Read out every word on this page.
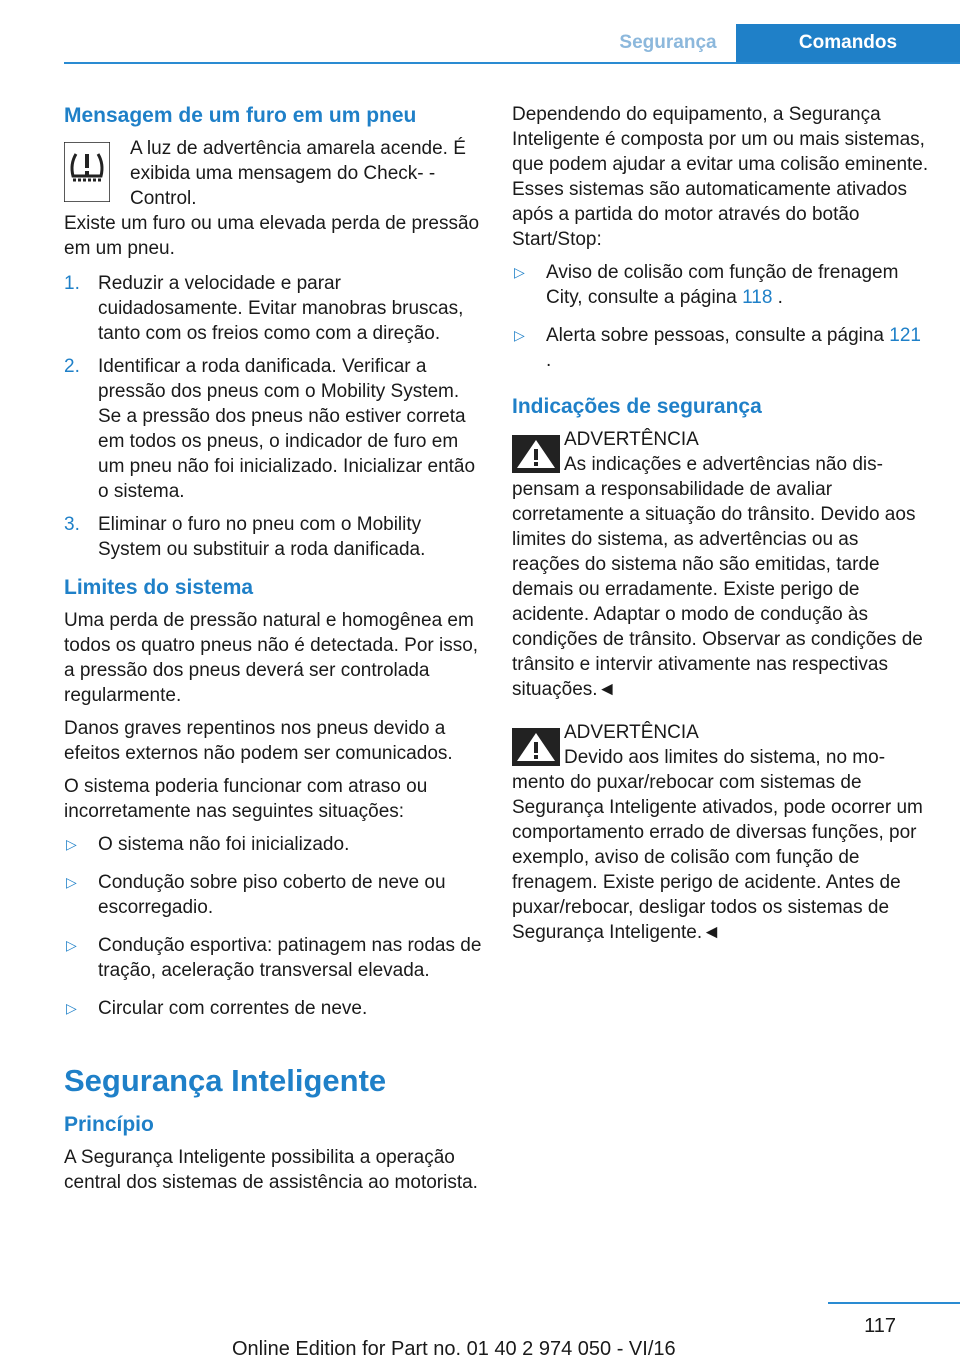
Segurança	Comandos
Mensagem de um furo em um pneu
A luz de advertência amarela acende. É exibida uma mensagem do Check- -Control.

Existe um furo ou uma elevada perda de pressão em um pneu.

1. Reduzir a velocidade e parar cuidadosamente. Evitar manobras bruscas, tanto com os freios como com a direção.
2. Identificar a roda danificada. Verificar a pressão dos pneus com o Mobility System. Se a pressão dos pneus não estiver correta em todos os pneus, o indicador de furo em um pneu não foi inicializado. Inicializar então o sistema.
3. Eliminar o furo no pneu com o Mobility System ou substituir a roda danificada.
Limites do sistema

Uma perda de pressão natural e homogênea em todos os quatro pneus não é detectada. Por isso, a pressão dos pneus deverá ser controlada regularmente.

Danos graves repentinos nos pneus devido a efeitos externos não podem ser comunicados.

O sistema poderia funcionar com atraso ou incorretamente nas seguintes situações:

▷ O sistema não foi inicializado.
▷ Condução sobre piso coberto de neve ou escorregadio.
▷ Condução esportiva: patinagem nas rodas de tração, aceleração transversal elevada.
▷ Circular com correntes de neve.
Segurança Inteligente
Princípio

A Segurança Inteligente possibilita a operação central dos sistemas de assistência ao motorista.

Dependendo do equipamento, a Segurança Inteligente é composta por um ou mais sistemas, que podem ajudar a evitar uma colisão eminente. Esses sistemas são automaticamente ativados após a partida do motor através do botão Start/Stop:

▷ Aviso de colisão com função de frenagem City, consulte a página 118 .
▷ Alerta sobre pessoas, consulte a página 121 .
Indicações de segurança
ADVERTÊNCIA
As indicações e advertências não dis-
pensam a responsabilidade de avaliar corretamente a situação do trânsito. Devido aos limites do sistema, as advertências ou as reações do sistema não são emitidas, tarde demais ou erradamente. Existe perigo de acidente. Adaptar o modo de condução às condições de trânsito. Observar as condições de trânsito e intervir ativamente nas respectivas situações.◄
ADVERTÊNCIA
Devido aos limites do sistema, no mo-
mento do puxar/rebocar com sistemas de Segurança Inteligente ativados, pode ocorrer um comportamento errado de diversas funções, por exemplo, aviso de colisão com função de frenagem. Existe perigo de acidente. Antes de puxar/rebocar, desligar todos os sistemas de Segurança Inteligente.◄
117
Online Edition for Part no. 01 40 2 974 050 - VI/16
